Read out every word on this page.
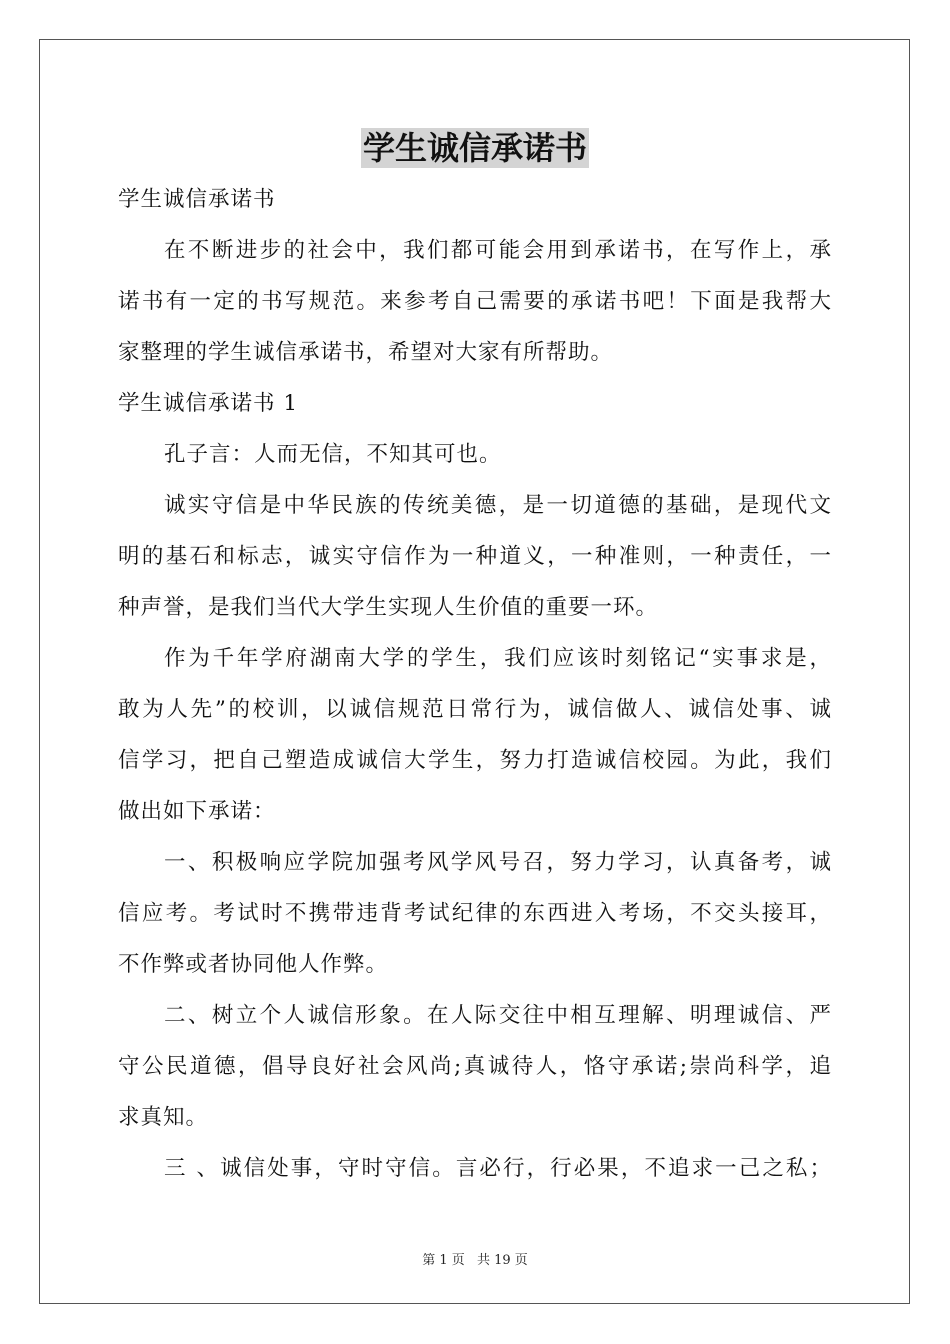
学生诚信承诺书
学生诚信承诺书
在不断进步的社会中，我们都可能会用到承诺书，在写作上，承
诺书有一定的书写规范。来参考自己需要的承诺书吧！下面是我帮大
家整理的学生诚信承诺书，希望对大家有所帮助。
学生诚信承诺书 1
孔子言：人而无信，不知其可也。
诚实守信是中华民族的传统美德，是一切道德的基础，是现代文
明的基石和标志，诚实守信作为一种道义，一种准则，一种责任，一
种声誉，是我们当代大学生实现人生价值的重要一环。
作为千年学府湖南大学的学生，我们应该时刻铭记“实事求是，
敢为人先”的校训，以诚信规范日常行为，诚信做人、诚信处事、诚
信学习，把自己塑造成诚信大学生，努力打造诚信校园。为此，我们
做出如下承诺：
一、积极响应学院加强考风学风号召，努力学习，认真备考，诚
信应考。考试时不携带违背考试纪律的东西进入考场，不交头接耳，
不作弊或者协同他人作弊。
二、树立个人诚信形象。在人际交往中相互理解、明理诚信、严
守公民道德，倡导良好社会风尚;真诚待人，恪守承诺;崇尚科学，追
求真知。
三 、诚信处事，守时守信。言必行，行必果，不追求一己之私；
第 1 页 共 19 页
